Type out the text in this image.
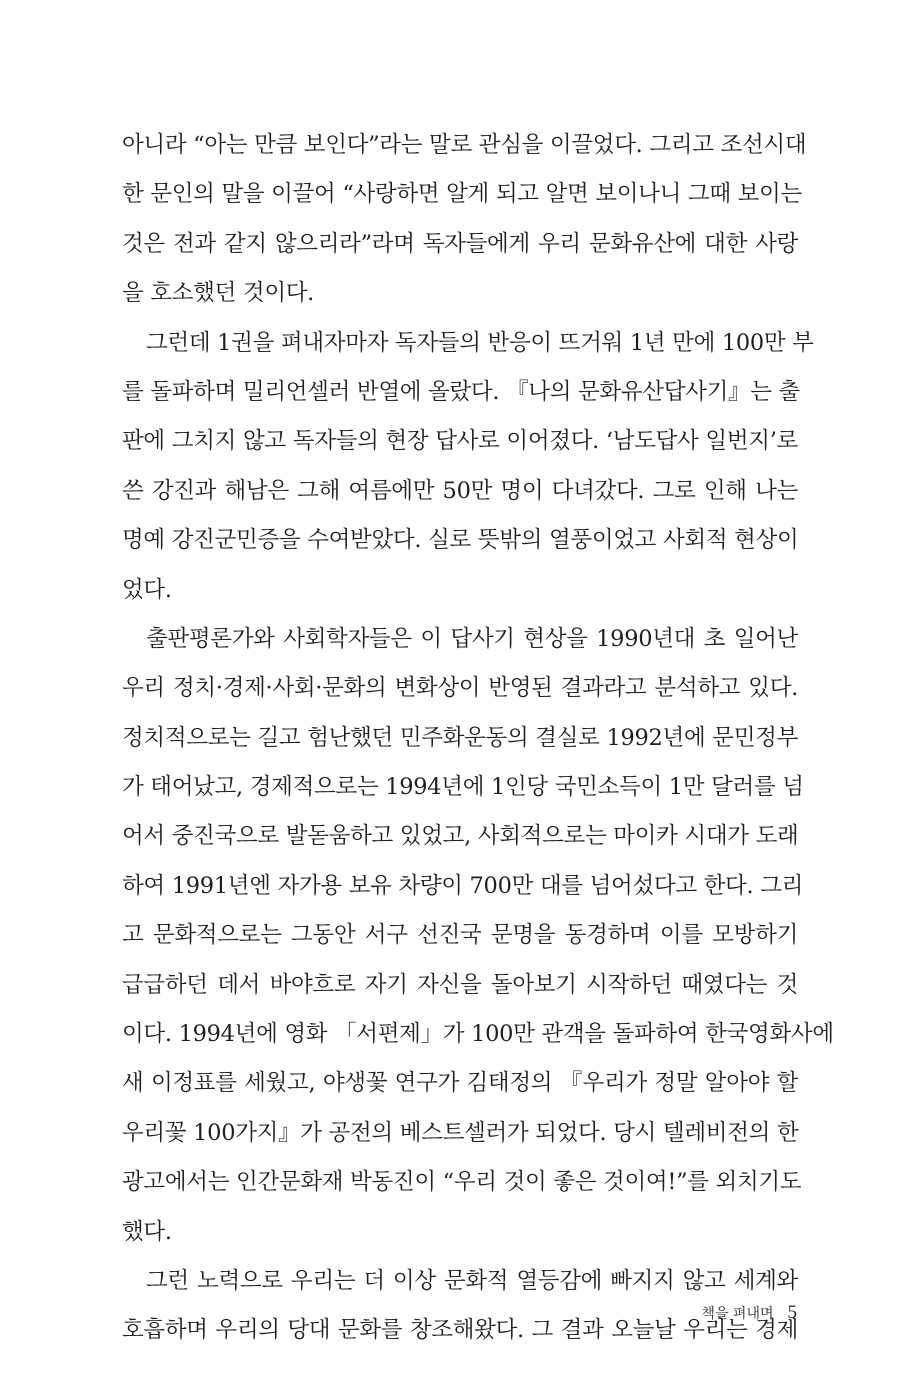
아니라 “아는 만큼 보인다”라는 말로 관심을 이끌었다. 그리고 조선시대
한 문인의 말을 이끌어 “사랑하면 알게 되고 알면 보이나니 그때 보이는
것은 전과 같지 않으리라”라며 독자들에게 우리 문화유산에 대한 사랑
을 호소했던 것이다.
그런데 1권을 펴내자마자 독자들의 반응이 뜨거워 1년 만에 100만 부
를 돌파하며 밀리언셀러 반열에 올랐다. 『나의 문화유산답사기』는 출
판에 그치지 않고 독자들의 현장 답사로 이어졌다. ‘남도답사 일번지’로
쓴 강진과 해남은 그해 여름에만 50만 명이 다녀갔다. 그로 인해 나는
명예 강진군민증을 수여받았다. 실로 뜻밖의 열풍이었고 사회적 현상이
었다.
출판평론가와 사회학자들은 이 답사기 현상을 1990년대 초 일어난
우리 정치·경제·사회·문화의 변화상이 반영된 결과라고 분석하고 있다.
정치적으로는 길고 험난했던 민주화운동의 결실로 1992년에 문민정부
가 태어났고, 경제적으로는 1994년에 1인당 국민소득이 1만 달러를 넘
어서 중진국으로 발돋움하고 있었고, 사회적으로는 마이카 시대가 도래
하여 1991년엔 자가용 보유 차량이 700만 대를 넘어섰다고 한다. 그리
고 문화적으로는 그동안 서구 선진국 문명을 동경하며 이를 모방하기
급급하던 데서 바야흐로 자기 자신을 돌아보기 시작하던 때였다는 것
이다. 1994년에 영화 「서편제」가 100만 관객을 돌파하여 한국영화사에
새 이정표를 세웠고, 야생꽃 연구가 김태정의 『우리가 정말 알아야 할
우리꽃 100가지』가 공전의 베스트셀러가 되었다. 당시 텔레비전의 한
광고에서는 인간문화재 박동진이 “우리 것이 좋은 것이여!”를 외치기도
했다.
그런 노력으로 우리는 더 이상 문화적 열등감에 빠지지 않고 세계와
호흡하며 우리의 당대 문화를 창조해왔다. 그 결과 오늘날 우리는 경제
책을 펴내며 5
